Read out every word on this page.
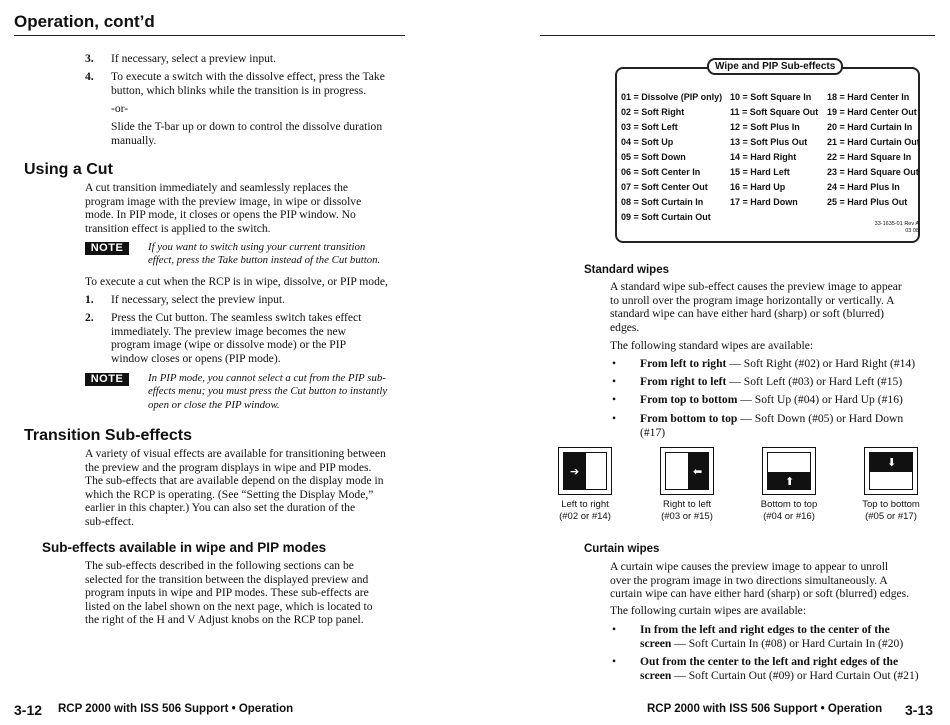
Operation, cont’d
3. If necessary, select a preview input.
4. To execute a switch with the dissolve effect, press the Take
button, which blinks while the transition is in progress.
-or-
Slide the T-bar up or down to control the dissolve duration
manually.
Using a Cut
A cut transition immediately and seamlessly replaces the
program image with the preview image, in wipe or dissolve
mode. In PIP mode, it closes or opens the PIP window. No
transition effect is applied to the switch.
NOTE	If you want to switch using your current transition
effect, press the Take button instead of the Cut button.
To execute a cut when the RCP is in wipe, dissolve, or PIP mode,
1. If necessary, select the preview input.
2. Press the Cut button. The seamless switch takes effect
immediately. The preview image becomes the new
program image (wipe or dissolve mode) or the PIP
window closes or opens (PIP mode).
NOTE	In PIP mode, you cannot select a cut from the PIP sub-
effects menu; you must press the Cut button to instantly
open or close the PIP window.
Transition Sub-effects
A variety of visual effects are available for transitioning between
the preview and the program displays in wipe and PIP modes.
The sub-effects that are available depend on the display mode in
which the RCP is operating. (See “Setting the Display Mode,”
earlier in this chapter.) You can also set the duration of the
sub-effect.
Sub-effects available in wipe and PIP modes
The sub-effects described in the following sections can be
selected for the transition between the displayed preview and
program inputs in wipe and PIP modes. These sub-effects are
listed on the label shown on the next page, which is located to
the right of the H and V Adjust knobs on the RCP top panel.
3-12 RCP 2000 with ISS 506 Support • Operation
Wipe and PIP Sub-effects
01 = Dissolve (PIP only)
02 = Soft Right
03 = Soft Left
04 = Soft Up
05 = Soft Down
06 = Soft Center In
07 = Soft Center Out
08 = Soft Curtain In
09 = Soft Curtain Out
10 = Soft Square In
11 = Soft Square Out
12 = Soft Plus In
13 = Soft Plus Out
14 = Hard Right
15 = Hard Left
16 = Hard Up
17 = Hard Down
18 = Hard Center In
19 = Hard Center Out
20 = Hard Curtain In
21 = Hard Curtain Out
22 = Hard Square In
23 = Hard Square Out
24 = Hard Plus In
25 = Hard Plus Out
33-1635-01 Rev A
03 08
Standard wipes
A standard wipe sub-effect causes the preview image to appear
to unroll over the program image horizontally or vertically. A
standard wipe can have either hard (sharp) or soft (blurred)
edges.
The following standard wipes are available:
• From left to right — Soft Right (#02) or Hard Right (#14)
• From right to left — Soft Left (#03) or Hard Left (#15)
• From top to bottom — Soft Up (#04) or Hard Up (#16)
• From bottom to top — Soft Down (#05) or Hard Down
(#17)
➔
Left to right
(#02 or #14)
⬅
Right to left
(#03 or #15)
⬆
Bottom to top
(#04 or #16)
⬇
Top to bottom
(#05 or #17)
Curtain wipes
A curtain wipe causes the preview image to appear to unroll
over the program image in two directions simultaneously. A
curtain wipe can have either hard (sharp) or soft (blurred) edges.
The following curtain wipes are available:
• In from the left and right edges to the center of the
screen — Soft Curtain In (#08) or Hard Curtain In (#20)
• Out from the center to the left and right edges of the
screen — Soft Curtain Out (#09) or Hard Curtain Out (#21)
RCP 2000 with ISS 506 Support • Operation 3-13
